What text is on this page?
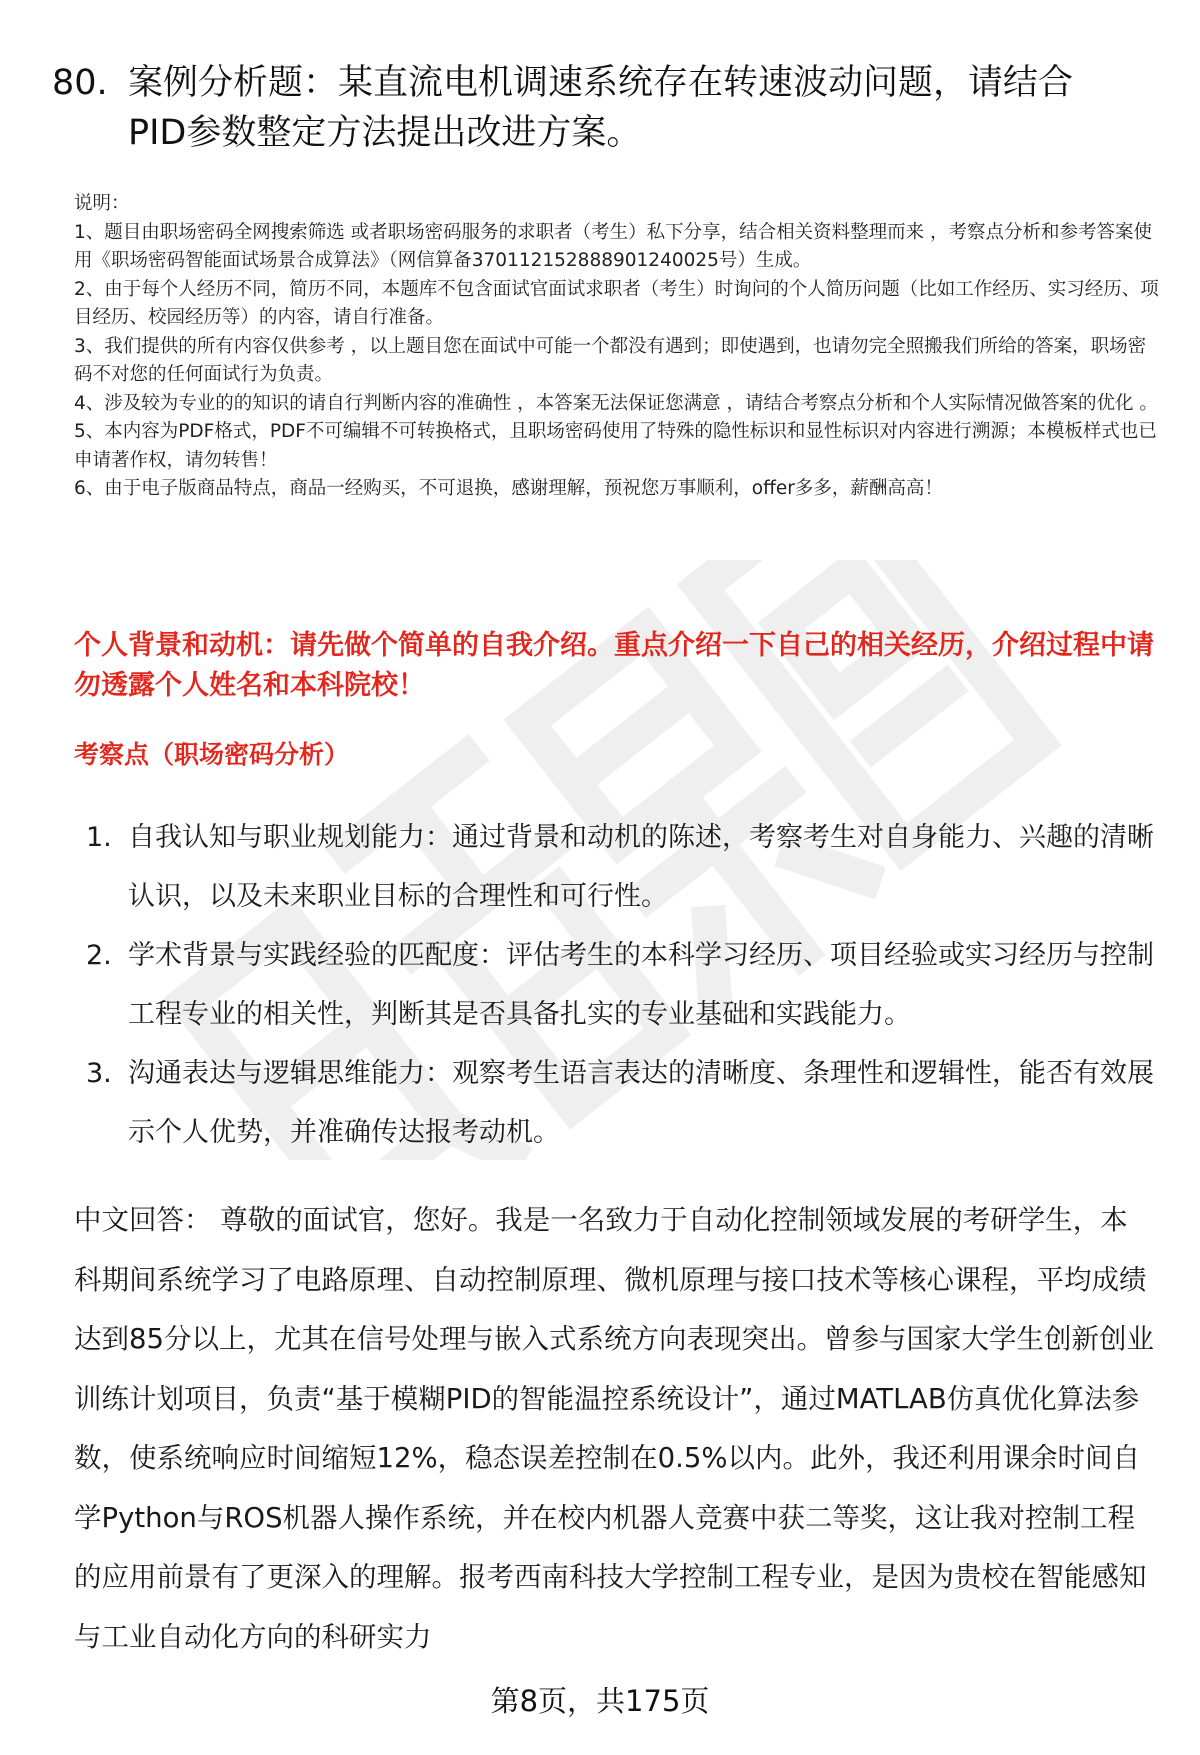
80. 案例分析题：某直流电机调速系统存在转速波动问题，请结合PID参数整定方法提出改进方案。

说明：

1、题目由职场密码全网搜索筛选 或者职场密码服务的求职者（考生）私下分享，结合相关资料整理而来 ，考察点分析和参考答案使用《职场密码智能面试场景合成算法》（网信算备37011215288890124​0025号）生成。

2、由于每个人经历不同，简历不同，本题库不包含面试官面试求职者（考生）时询问的个人简历问题（比如工作经历、实习经历、项目经历、校园经历等）的内容，请自行准备。

3、我们提供的所有内容仅供参考 ，以上题目您在面试中可能一个都没有遇到；即使遇到，也请勿完全照搬我们所给的答案，职场密码不对您的任何面试行为负责。

4、涉及较为专业的的知识的请自行判断内容的准确性 ，本答案无法保证您满意 ，请结合考察点分析和个人实际情况做答案的优化 。

5、本内容为PDF格式，PDF不可编辑不可转换格式，且职场密码使用了特殊的隐性标识和显性标识对内容进行溯源；本模板样式也已申请著作权，请勿转售！

6、由于电子版商品特点，商品一经购买，不可退换，感谢理解，预祝您万事顺利，offer多多，薪酬高高！

个人背景和动机：请先做个简单的自我介绍。重点介绍一下自己的相关经历，介绍过程中请勿透露个人姓名和本科院校！
考察点（职场密码分析）
1. 自我认知与职业规划能力：通过背景和动机的陈述，考察考生对自身能力、兴趣的清晰认识，以及未来职业目标的合理性和可行性。
2. 学术背景与实践经验的匹配度：评估考生的本科学习经历、项目经验或实习经历与控制工程专业的相关性，判断其是否具备扎实的专业基础和实践能力。
3. 沟通表达与逻辑思维能力：观察考生语言表达的清晰度、条理性和逻辑性，能否有效展示个人优势，并准确传达报考动机。

中文回答： 尊敬的面试官，您好。我是一名致力于自动化控制领域发展的考研学生，本科期间系统学习了电路原理、自动控制原理、微机原理与接口技术等核心课程，平均成绩达到85分以上，尤其在信号处理与嵌入式系统方向表现突出。曾参与国家大学生创新创业训练计划项目，负责“基于模糊PID的智能温控系统设计”，通过MATLAB仿真优化算法参数，使系统响应时间缩短12%，稳态误差控制在0.5%以内。此外，我还利用课余时间自学Python与ROS机器人操作系统，并在校内机器人竞赛中获二等奖，这让我对控制工程的应用前景有了更深入的理解。报考西南科技大学控制工程专业，是因为贵校在智能感知与工业自动化方向的科研实力

第8页，共175页
